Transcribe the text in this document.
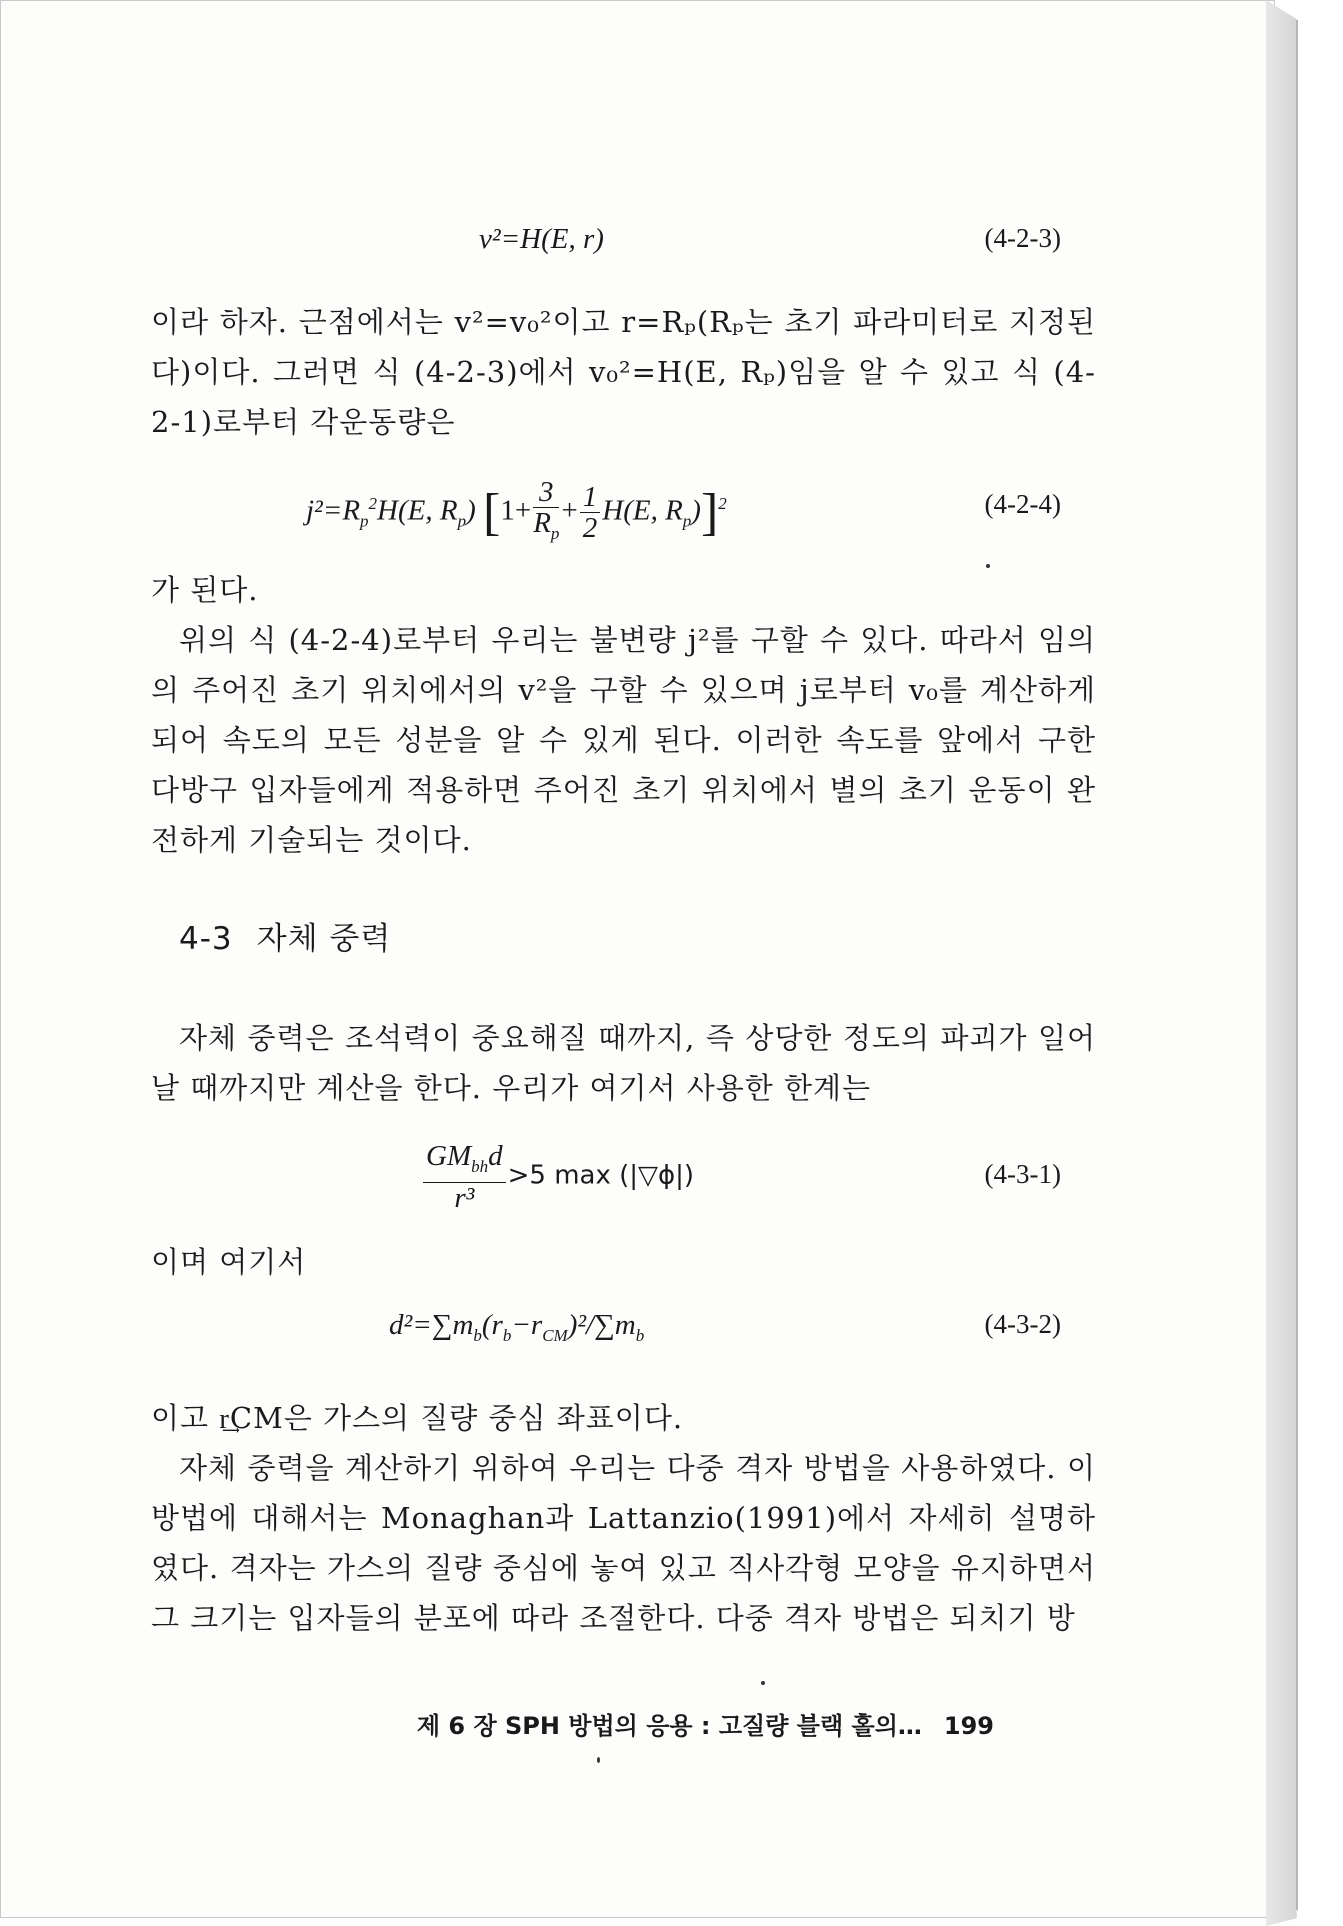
v²=H(E, r)	(4-2-3)
이라 하자. 근점에서는 v²=v₀²이고 r=Rₚ(Rₚ는 초기 파라미터로 지정된 다)이다. 그러면 식 (4-2-3)에서 v₀²=H(E, Rₚ)임을 알 수 있고 식 (4-2-1)로부터 각운동량은
$j^2=R_p^2H(E$, $R_p$) [$1+ \frac{3}{R_p} + \frac{1}{2} H(E$, $R_p)]^2$	(4-2-4)
가 된다.
위의 식 (4-2-4)로부터 우리는 불변량 j²를 구할 수 있다. 따라서 임의의 주어진 초기 위치에서의 v²을 구할 수 있으며 j로부터 v₀를 계산하게 되어 속도의 모든 성분을 알 수 있게 된다. 이러한 속도를 앞에서 구한 다방구 입자들에게 적용하면 주어진 초기 위치에서 별의 초기 운동이 완전하게 기술되는 것이다.
4-3 자체 중력
자체 중력은 조석력이 중요해질 때까지, 즉 상당한 정도의 파괴가 일어날 때까지만 계산을 한다. 우리가 여기서 사용한 한계는
$\frac{GM_{bh}d}{\text{r³}} >5$ max (|▽ϕ|)	(4-3-1)
이며 여기서
$d^2=\sum m_b(r_b-r_{CM})^2/\sum m_b$	(4-3-2)
이고 r͢CM은 가스의 질량 중심 좌표이다.
자체 중력을 계산하기 위하여 우리는 다중 격자 방법을 사용하였다. 이 방법에 대해서는 Monaghan과 Lattanzio(1991)에서 자세히 설명하였다. 격자는 가스의 질량 중심에 놓여 있고 직사각형 모양을 유지하면서 그 크기는 입자들의 분포에 따라 조절한다. 다중 격자 방법은 되치기 방
제 6 장 SPH 방법의 응용 : 고질량 블랙 홀의… 199
